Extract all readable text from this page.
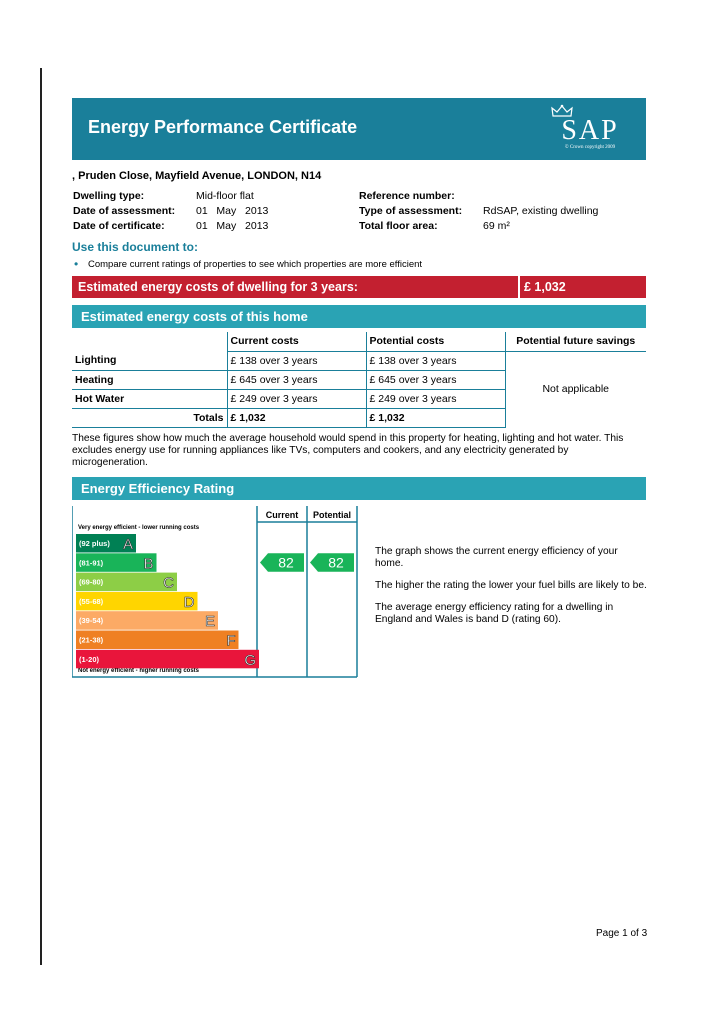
Energy Performance Certificate	SAP
© Crown copyright 2009
, Pruden Close, Mayfield Avenue, LONDON, N14
Dwelling type:	Mid-floor flat
Date of assessment: 01   May   2013
Date of certificate:	01   May   2013
Reference number:
Type of assessment: RdSAP, existing dwelling
Total floor area:	69 m²
Use this document to:
• Compare current ratings of properties to see which properties are more efficient
Estimated energy costs of dwelling for 3 years:	£ 1,032
Estimated energy costs of this home
	Current costs	Potential costs	Potential future savings
Lighting	£ 138 over 3 years	£ 138 over 3 years	Not applicable
Heating	£ 645 over 3 years	£ 645 over 3 years	
Hot Water	£ 249 over 3 years	£ 249 over 3 years	
Totals	£ 1,032	£ 1,032	
These figures show how much the average household would spend in this property for heating, lighting and hot water. This excludes energy use for running appliances like TVs, computers and cookers, and any electricity generated by microgeneration.
Energy Efficiency Rating
Current Potential
Very energy efficient - lower running costs
Not energy efficient - higher running costs
(92 plus) A
(81-91)	B
(69-80)	C
(55-68)	D
(39-54)	E
(21-38)	F
(1-20)	G
82 82

The graph shows the current energy efficiency of your home.

The higher the rating the lower your fuel bills are likely to be.

The average energy efficiency rating for a dwelling in England and Wales is band D (rating 60).

Page 1 of 3
